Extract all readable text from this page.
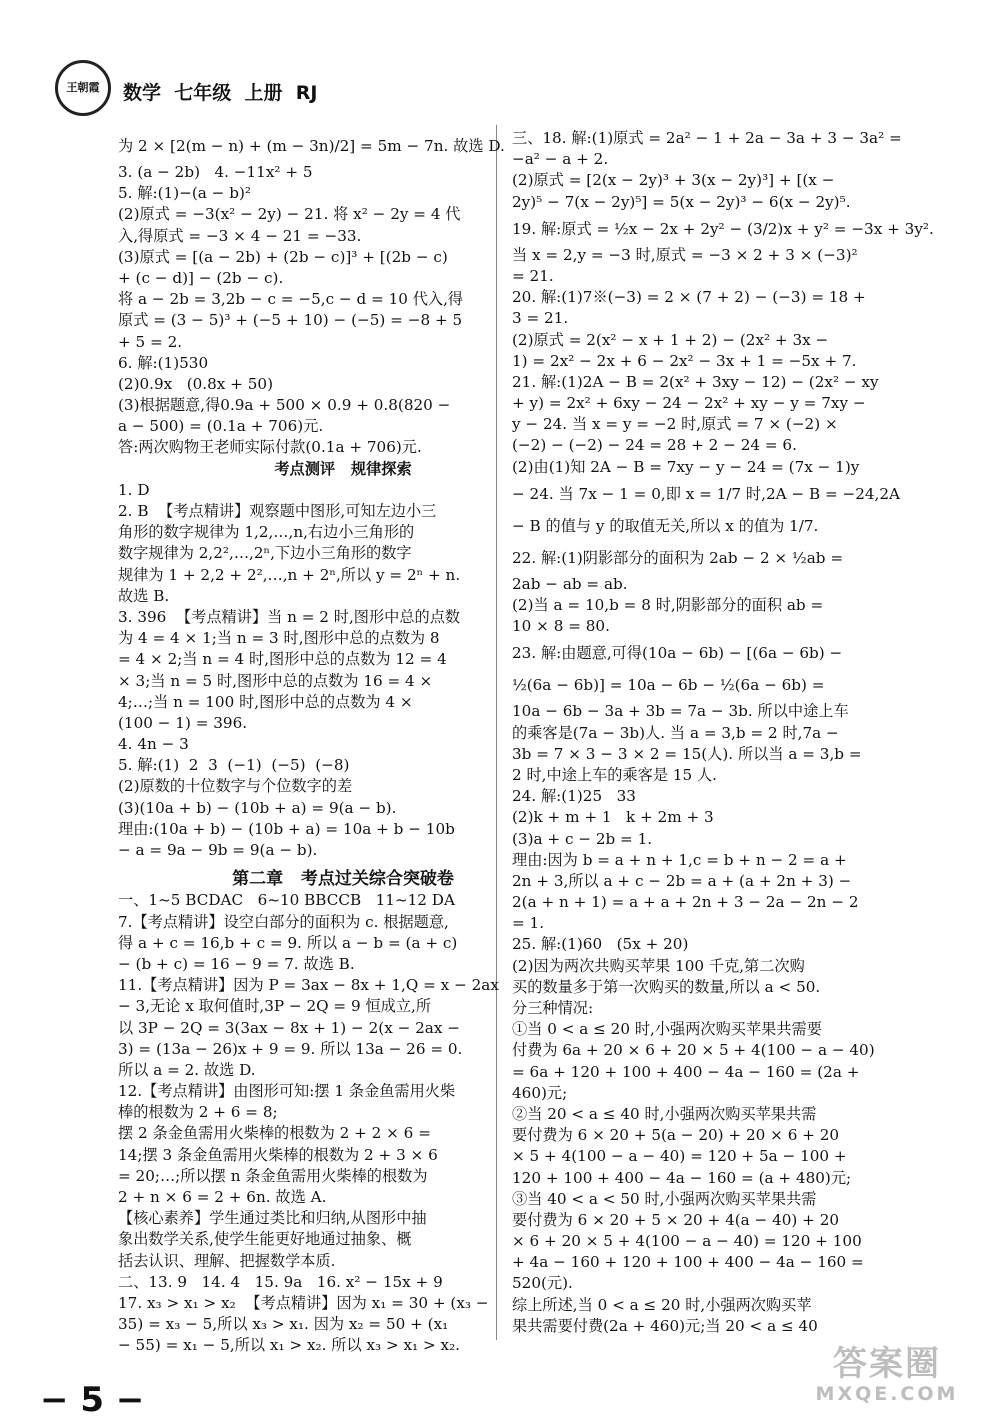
王朝霞 数学  七年级  上册  RJ
为 2 × [2(m − n) + (m − 3n)/2] = 5m − 7n. 故选 D.
3. (a − 2b)   4. −11x² + 5
5. 解:(1)−(a − b)²
(2)原式 = −3(x² − 2y) − 21. 将 x² − 2y = 4 代
入,得原式 = −3 × 4 − 21 = −33.
(3)原式 = [(a − 2b) + (2b − c)]³ + [(2b − c)
+ (c − d)] − (2b − c).
将 a − 2b = 3,2b − c = −5,c − d = 10 代入,得
原式 = (3 − 5)³ + (−5 + 10) − (−5) = −8 + 5
+ 5 = 2.
6. 解:(1)530
(2)0.9x   (0.8x + 50)
(3)根据题意,得0.9a + 500 × 0.9 + 0.8(820 −
a − 500) = (0.1a + 706)元.
答:两次购物王老师实际付款(0.1a + 706)元.
考点测评   规律探索
1. D
2. B  【考点精讲】观察题中图形,可知左边小三
角形的数字规律为 1,2,…,n,右边小三角形的
数字规律为 2,2²,…,2ⁿ,下边小三角形的数字
规律为 1 + 2,2 + 2²,…,n + 2ⁿ,所以 y = 2ⁿ + n.
故选 B.
3. 396  【考点精讲】当 n = 2 时,图形中总的点数
为 4 = 4 × 1;当 n = 3 时,图形中总的点数为 8
= 4 × 2;当 n = 4 时,图形中总的点数为 12 = 4
× 3;当 n = 5 时,图形中总的点数为 16 = 4 ×
4;…;当 n = 100 时,图形中总的点数为 4 ×
(100 − 1) = 396.
4. 4n − 3
5. 解:(1)  2  3  (−1)  (−5)  (−8)
(2)原数的十位数字与个位数字的差
(3)(10a + b) − (10b + a) = 9(a − b).
理由:(10a + b) − (10b + a) = 10a + b − 10b
− a = 9a − 9b = 9(a − b).
第二章   考点过关综合突破卷
一、1~5 BCDAC   6~10 BBCCB   11~12 DA
7.【考点精讲】设空白部分的面积为 c. 根据题意,
得 a + c = 16,b + c = 9. 所以 a − b = (a + c)
− (b + c) = 16 − 9 = 7. 故选 B.
11.【考点精讲】因为 P = 3ax − 8x + 1,Q = x − 2ax
− 3,无论 x 取何值时,3P − 2Q = 9 恒成立,所
以 3P − 2Q = 3(3ax − 8x + 1) − 2(x − 2ax −
3) = (13a − 26)x + 9 = 9. 所以 13a − 26 = 0.
所以 a = 2. 故选 D.
12.【考点精讲】由图形可知:摆 1 条金鱼需用火柴
棒的根数为 2 + 6 = 8;
摆 2 条金鱼需用火柴棒的根数为 2 + 2 × 6 =
14;摆 3 条金鱼需用火柴棒的根数为 2 + 3 × 6
= 20;…;所以摆 n 条金鱼需用火柴棒的根数为
2 + n × 6 = 2 + 6n. 故选 A.
【核心素养】学生通过类比和归纳,从图形中抽
象出数学关系,使学生能更好地通过抽象、概
括去认识、理解、把握数学本质.
二、13. 9   14. 4   15. 9a   16. x² − 15x + 9
17. x₃ > x₁ > x₂  【考点精讲】因为 x₁ = 30 + (x₃ −
35) = x₃ − 5,所以 x₃ > x₁. 因为 x₂ = 50 + (x₁
− 55) = x₁ − 5,所以 x₁ > x₂. 所以 x₃ > x₁ > x₂.
三、18. 解:(1)原式 = 2a² − 1 + 2a − 3a + 3 − 3a² =
−a² − a + 2.
(2)原式 = [2(x − 2y)³ + 3(x − 2y)³] + [(x −
2y)⁵ − 7(x − 2y)⁵] = 5(x − 2y)³ − 6(x − 2y)⁵.
19. 解:原式 = ½x − 2x + 2y² − (3/2)x + y² = −3x + 3y².
当 x = 2,y = −3 时,原式 = −3 × 2 + 3 × (−3)²
= 21.
20. 解:(1)7※(−3) = 2 × (7 + 2) − (−3) = 18 +
3 = 21.
(2)原式 = 2(x² − x + 1 + 2) − (2x² + 3x −
1) = 2x² − 2x + 6 − 2x² − 3x + 1 = −5x + 7.
21. 解:(1)2A − B = 2(x² + 3xy − 12) − (2x² − xy
+ y) = 2x² + 6xy − 24 − 2x² + xy − y = 7xy −
y − 24. 当 x = y = −2 时,原式 = 7 × (−2) ×
(−2) − (−2) − 24 = 28 + 2 − 24 = 6.
(2)由(1)知 2A − B = 7xy − y − 24 = (7x − 1)y
− 24. 当 7x − 1 = 0,即 x = 1/7 时,2A − B = −24,2A
− B 的值与 y 的取值无关,所以 x 的值为 1/7.
22. 解:(1)阴影部分的面积为 2ab − 2 × ½ab =
2ab − ab = ab.
(2)当 a = 10,b = 8 时,阴影部分的面积 ab =
10 × 8 = 80.
23. 解:由题意,可得(10a − 6b) − [(6a − 6b) −
½(6a − 6b)] = 10a − 6b − ½(6a − 6b) =
10a − 6b − 3a + 3b = 7a − 3b. 所以中途上车
的乘客是(7a − 3b)人. 当 a = 3,b = 2 时,7a −
3b = 7 × 3 − 3 × 2 = 15(人). 所以当 a = 3,b =
2 时,中途上车的乘客是 15 人.
24. 解:(1)25   33
(2)k + m + 1   k + 2m + 3
(3)a + c − 2b = 1.
理由:因为 b = a + n + 1,c = b + n − 2 = a +
2n + 3,所以 a + c − 2b = a + (a + 2n + 3) −
2(a + n + 1) = a + a + 2n + 3 − 2a − 2n − 2
= 1.
25. 解:(1)60   (5x + 20)
(2)因为两次共购买苹果 100 千克,第二次购
买的数量多于第一次购买的数量,所以 a < 50.
分三种情况:
①当 0 < a ≤ 20 时,小强两次购买苹果共需要
付费为 6a + 20 × 6 + 20 × 5 + 4(100 − a − 40)
= 6a + 120 + 100 + 400 − 4a − 160 = (2a +
460)元;
②当 20 < a ≤ 40 时,小强两次购买苹果共需
要付费为 6 × 20 + 5(a − 20) + 20 × 6 + 20
× 5 + 4(100 − a − 40) = 120 + 5a − 100 +
120 + 100 + 400 − 4a − 160 = (a + 480)元;
③当 40 < a < 50 时,小强两次购买苹果共需
要付费为 6 × 20 + 5 × 20 + 4(a − 40) + 20
× 6 + 20 × 5 + 4(100 − a − 40) = 120 + 100
+ 4a − 160 + 120 + 100 + 400 − 4a − 160 =
520(元).
综上所述,当 0 < a ≤ 20 时,小强两次购买苹
果共需要付费(2a + 460)元;当 20 < a ≤ 40
− 5 −
答案圈
MXQE.COM
